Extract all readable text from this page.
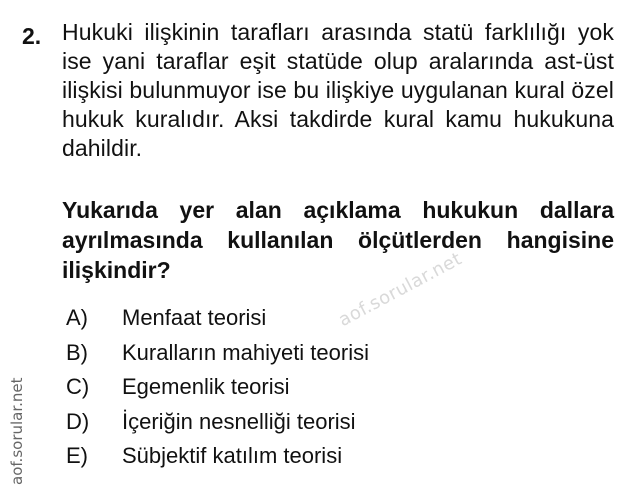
2. Hukuki ilişkinin tarafları arasında statü farklılığı yok ise yani taraflar eşit statüde olup aralarında ast-üst ilişkisi bulunmuyor ise bu ilişkiye uygulanan kural özel hukuk kuralıdır. Aksi takdirde kural kamu hukukuna dahildir.
Yukarıda yer alan açıklama hukukun dallara ayrılmasında kullanılan ölçütlerden hangisine ilişkindir?
A)	Menfaat teorisi
B)	Kuralların mahiyeti teorisi
C)	Egemenlik teorisi
D)	İçeriğin nesnelliği teorisi
E)	Sübjektif katılım teorisi
aof.sorular.net
aof.sorular.net
